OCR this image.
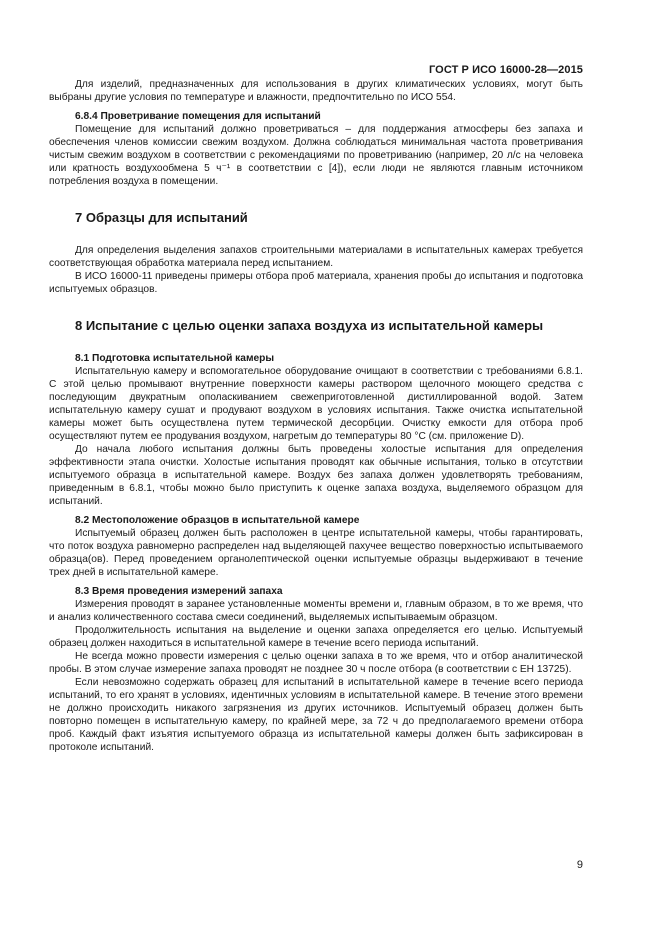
ГОСТ Р ИСО 16000-28—2015

Для изделий, предназначенных для использования в других климатических условиях, могут быть выбраны другие условия по температуре и влажности, предпочтительно по ИСО 554.

6.8.4 Проветривание помещения для испытаний

Помещение для испытаний должно проветриваться – для поддержания атмосферы без запаха и обеспечения членов комиссии свежим воздухом. Должна соблюдаться минимальная частота проветривания чистым свежим воздухом в соответствии с рекомендациями по проветриванию (например, 20 л/с на человека или кратность воздухообмена 5 ч⁻¹ в соответствии с [4]), если люди не являются главным источником потребления воздуха в помещении.

7 Образцы для испытаний

Для определения выделения запахов строительными материалами в испытательных камерах требуется соответствующая обработка материала перед испытанием.

В ИСО 16000-11 приведены примеры отбора проб материала, хранения пробы до испытания и подготовка испытуемых образцов.

8 Испытание с целью оценки запаха воздуха из испытательной камеры
8.1 Подготовка испытательной камеры

Испытательную камеру и вспомогательное оборудование очищают в соответствии с требованиями 6.8.1. С этой целью промывают внутренние поверхности камеры раствором щелочного моющего средства с последующим двукратным ополаскиванием свежеприготовленной дистиллированной водой. Затем испытательную камеру сушат и продувают воздухом в условиях испытания. Также очистка испытательной камеры может быть осуществлена путем термической десорбции. Очистку емкости для отбора проб осуществляют путем ее продувания воздухом, нагретым до температуры 80 °С (см. приложение D).

До начала любого испытания должны быть проведены холостые испытания для определения эффективности этапа очистки. Холостые испытания проводят как обычные испытания, только в отсутствии испытуемого образца в испытательной камере. Воздух без запаха должен удовлетворять требованиям, приведенным в 6.8.1, чтобы можно было приступить к оценке запаха воздуха, выделяемого образцом для испытаний.

8.2 Местоположение образцов в испытательной камере

Испытуемый образец должен быть расположен в центре испытательной камеры, чтобы гарантировать, что поток воздуха равномерно распределен над выделяющей пахучее вещество поверхностью испытываемого образца(ов). Перед проведением органолептической оценки испытуемые образцы выдерживают в течение трех дней в испытательной камере.

8.3 Время проведения измерений запаха

Измерения проводят в заранее установленные моменты времени и, главным образом, в то же время, что и анализ количественного состава смеси соединений, выделяемых испытываемым образцом.

Продолжительность испытания на выделение и оценки запаха определяется его целью. Испытуемый образец должен находиться в испытательной камере в течение всего периода испытаний.

Не всегда можно провести измерения с целью оценки запаха в то же время, что и отбор аналитической пробы. В этом случае измерение запаха проводят не позднее 30 ч после отбора (в соответствии с ЕН 13725).

Если невозможно содержать образец для испытаний в испытательной камере в течение всего периода испытаний, то его хранят в условиях, идентичных условиям в испытательной камере. В течение этого времени не должно происходить никакого загрязнения из других источников. Испытуемый образец должен быть повторно помещен в испытательную камеру, по крайней мере, за 72 ч до предполагаемого времени отбора проб. Каждый факт изъятия испытуемого образца из испытательной камеры должен быть зафиксирован в протоколе испытаний.

9
